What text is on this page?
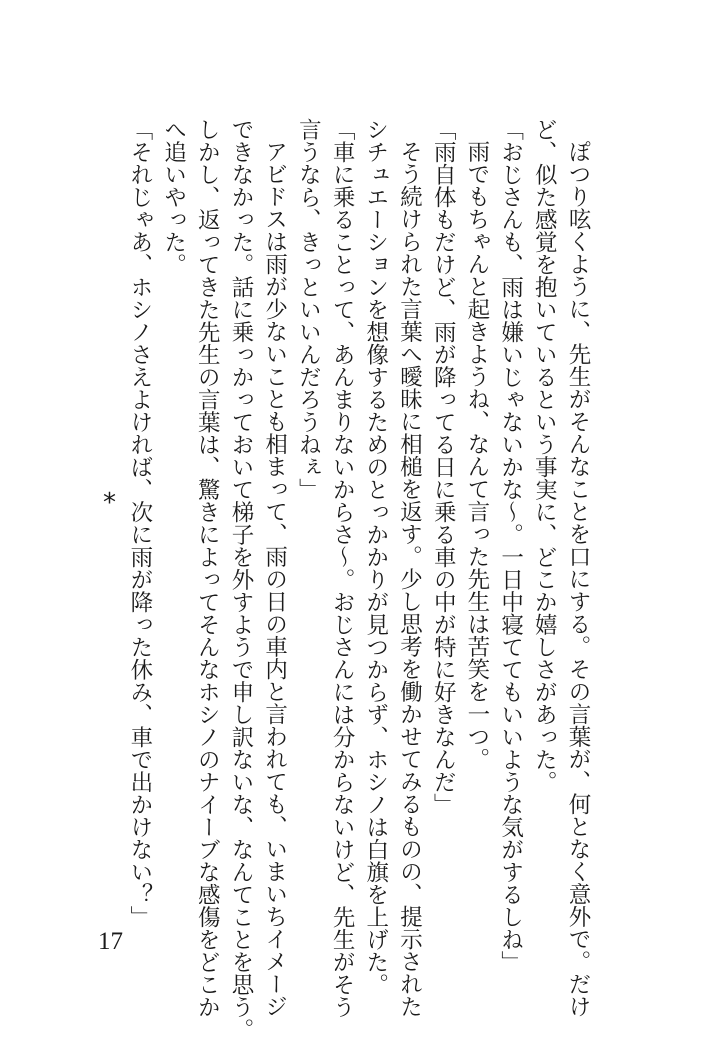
ぽつり呟くように、先生がそんなことを口にする。その言葉が、何となく意外で。だけ
ど、似た感覚を抱いているという事実に、どこか嬉しさがあった。
「おじさんも、雨は嫌いじゃないかな～。一日中寝ててもいいような気がするしね」
雨でもちゃんと起きようね、なんて言った先生は苦笑を一つ。
「雨自体もだけど、雨が降ってる日に乗る車の中が特に好きなんだ」
そう続けられた言葉へ曖昧に相槌を返す。少し思考を働かせてみるものの、提示された
シチュエーションを想像するためのとっかかりが見つからず、ホシノは白旗を上げた。
「車に乗ることって、あんまりないからさ～。おじさんには分からないけど、先生がそう
言うなら、きっといいんだろうねぇ」
アビドスは雨が少ないことも相まって、雨の日の車内と言われても、いまいちイメージ
できなかった。話に乗っかっておいて梯子を外すようで申し訳ないな、なんてことを思う。
しかし、返ってきた先生の言葉は、驚きによってそんなホシノのナイーブな感傷をどこか
へ追いやった。
「それじゃあ、ホシノさえよければ、次に雨が降った休み、車で出かけない？」
*
17
